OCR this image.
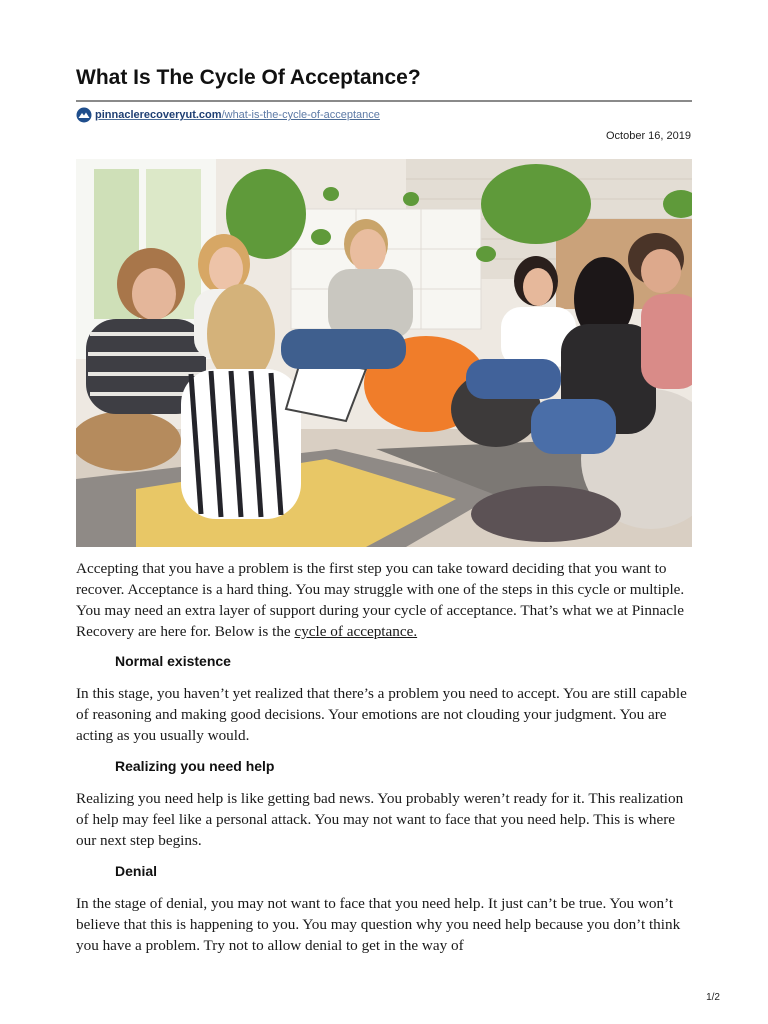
What Is The Cycle Of Acceptance?
pinnaclerecoveryut.com/what-is-the-cycle-of-acceptance
October 16, 2019

Accepting that you have a problem is the first step you can take toward deciding that you want to recover. Acceptance is a hard thing. You may struggle with one of the steps in this cycle or multiple. You may need an extra layer of support during your cycle of acceptance. That’s what we at Pinnacle Recovery are here for. Below is the cycle of acceptance.

Normal existence

In this stage, you haven’t yet realized that there’s a problem you need to accept. You are still capable of reasoning and making good decisions. Your emotions are not clouding your judgment. You are acting as you usually would.

Realizing you need help

Realizing you need help is like getting bad news. You probably weren’t ready for it. This realization of help may feel like a personal attack. You may not want to face that you need help. This is where our next step begins.

Denial

In the stage of denial, you may not want to face that you need help. It just can’t be true. You won’t believe that this is happening to you. You may question why you need help because you don’t think you have a problem. Try not to allow denial to get in the way of

1/2
